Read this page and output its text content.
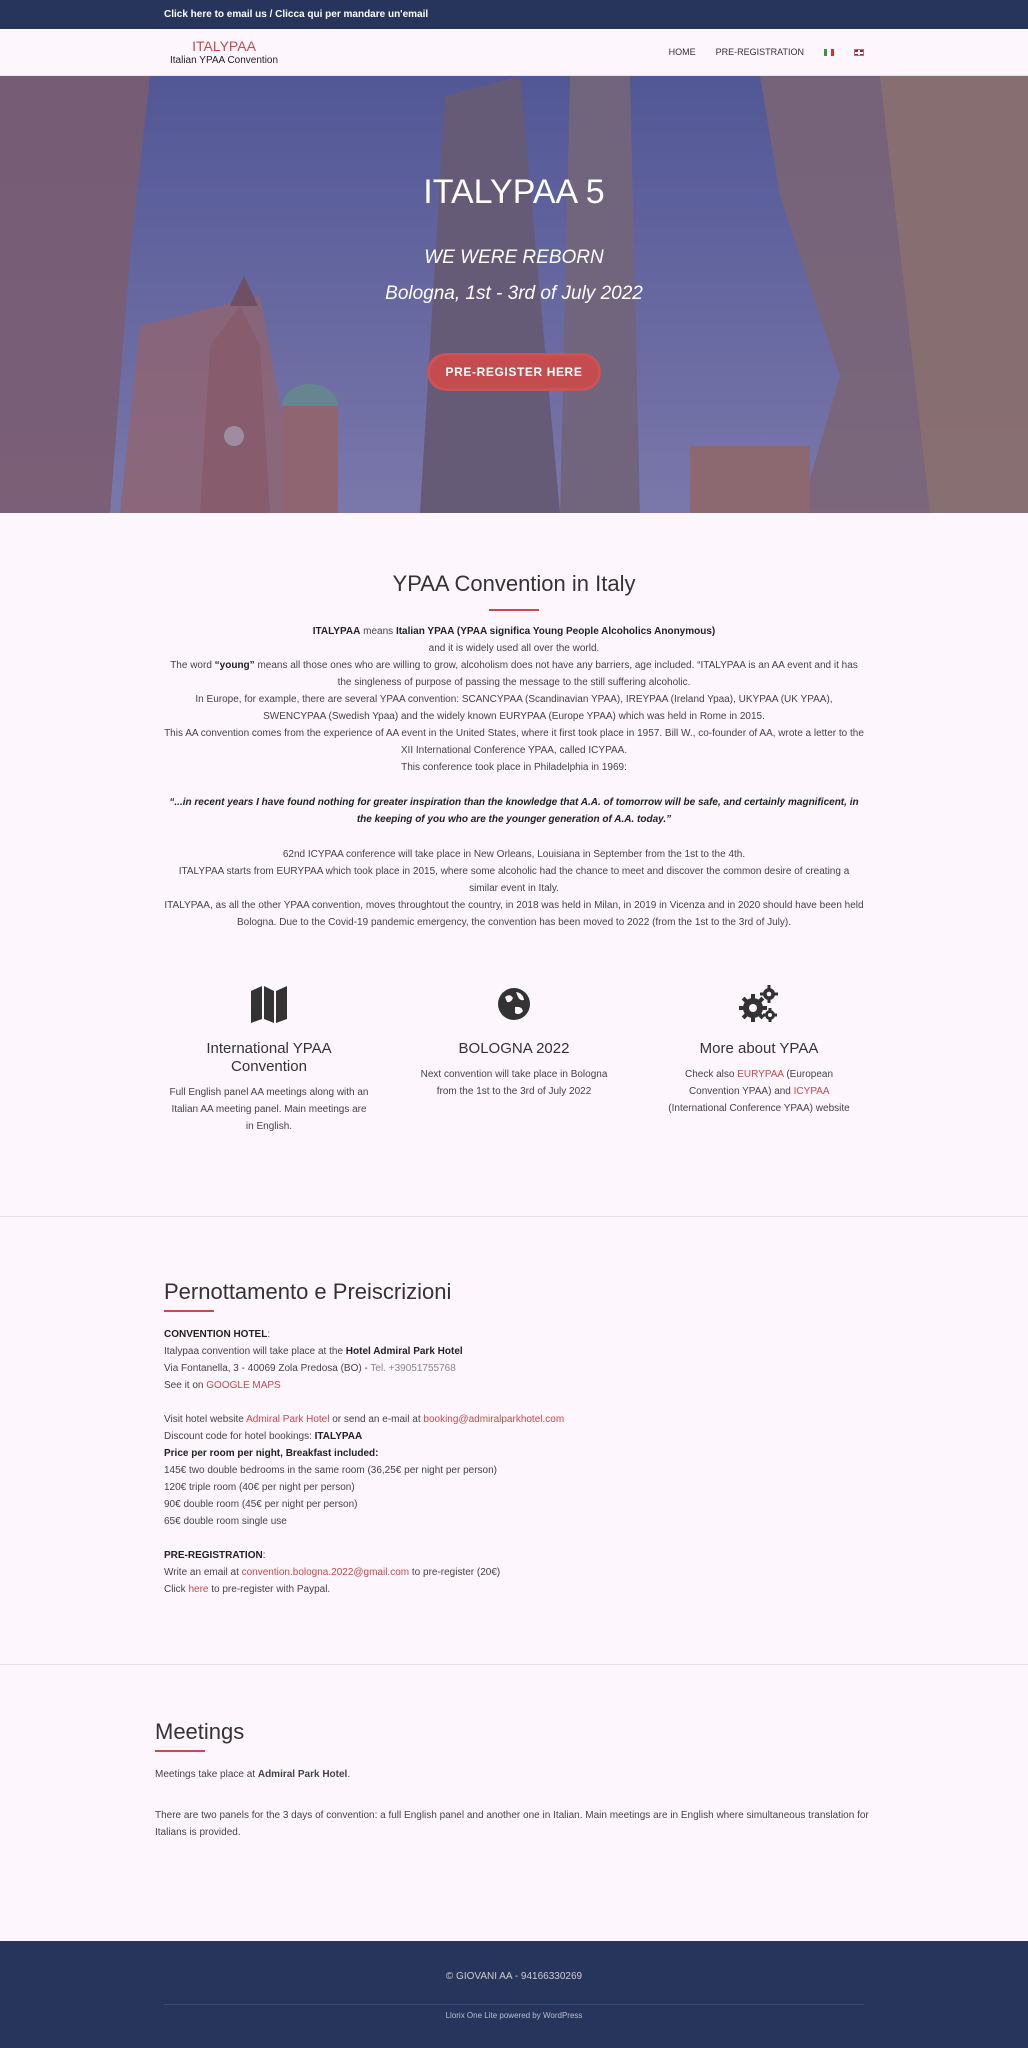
Click here to email us / Clicca qui per mandare un'email
ITALYPAA
Italian YPAA Convention
HOME PRE-REGISTRATION
ITALYPAA 5
WE WERE REBORN
Bologna, 1st - 3rd of July 2022
PRE-REGISTER HERE
YPAA Convention in Italy

ITALYPAA means Italian YPAA (YPAA significa Young People Alcoholics Anonymous)
and it is widely used all over the world.

The word “young” means all those ones who are willing to grow, alcoholism does not have any barriers, age included. “ITALYPAA is an AA event and it has the singleness of purpose of passing the message to the still suffering alcoholic.

In Europe, for example, there are several YPAA convention: SCANCYPAA (Scandinavian YPAA), IREYPAA (Ireland Ypaa), UKYPAA (UK YPAA), SWENCYPAA (Swedish Ypaa) and the widely known EURYPAA (Europe YPAA) which was held in Rome in 2015.

This AA convention comes from the experience of AA event in the United States, where it first took place in 1957. Bill W., co-founder of AA, wrote a letter to the XII International Conference YPAA, called ICYPAA.

This conference took place in Philadelphia in 1969:

“...in recent years I have found nothing for greater inspiration than the knowledge that A.A. of tomorrow will be safe, and certainly magnificent, in the keeping of you who are the younger generation of A.A. today.”

62nd ICYPAA conference will take place in New Orleans, Louisiana in September from the 1st to the 4th.

ITALYPAA starts from EURYPAA which took place in 2015, where some alcoholic had the chance to meet and discover the common desire of creating a similar event in Italy.

ITALYPAA, as all the other YPAA convention, moves throughtout the country, in 2018 was held in Milan, in 2019 in Vicenza and in 2020 should have been held Bologna. Due to the Covid-19 pandemic emergency, the convention has been moved to 2022 (from the 1st to the 3rd of July).

International YPAA Convention
Full English panel AA meetings along with an Italian AA meeting panel. Main meetings are in English.
BOLOGNA 2022
Next convention will take place in Bologna from the 1st to the 3rd of July 2022
More about YPAA
Check also EURYPAA (European Convention YPAA) and ICYPAA (International Conference YPAA) website
Pernottamento e Preiscrizioni
CONVENTION HOTEL:
Italypaa convention will take place at the Hotel Admiral Park Hotel
Via Fontanella, 3 - 40069 Zola Predosa (BO) - Tel. +39051755768
See it on GOOGLE MAPS
Visit hotel website Admiral Park Hotel or send an e-mail at booking@admiralparkhotel.com
Discount code for hotel bookings: ITALYPAA
Price per room per night, Breakfast included:
145€ two double bedrooms in the same room (36,25€ per night per person)
120€ triple room (40€ per night per person)
90€ double room (45€ per night per person)
65€ double room single use
PRE-REGISTRATION:
Write an email at convention.bologna.2022@gmail.com to pre-register (20€)
Click here to pre-register with Paypal.
Meetings
Meetings take place at Admiral Park Hotel.
There are two panels for the 3 days of convention: a full English panel and another one in Italian. Main meetings are in English where simultaneous translation for Italians is provided.
© GIOVANI AA - 94166330269
Llorix One Lite powered by WordPress
